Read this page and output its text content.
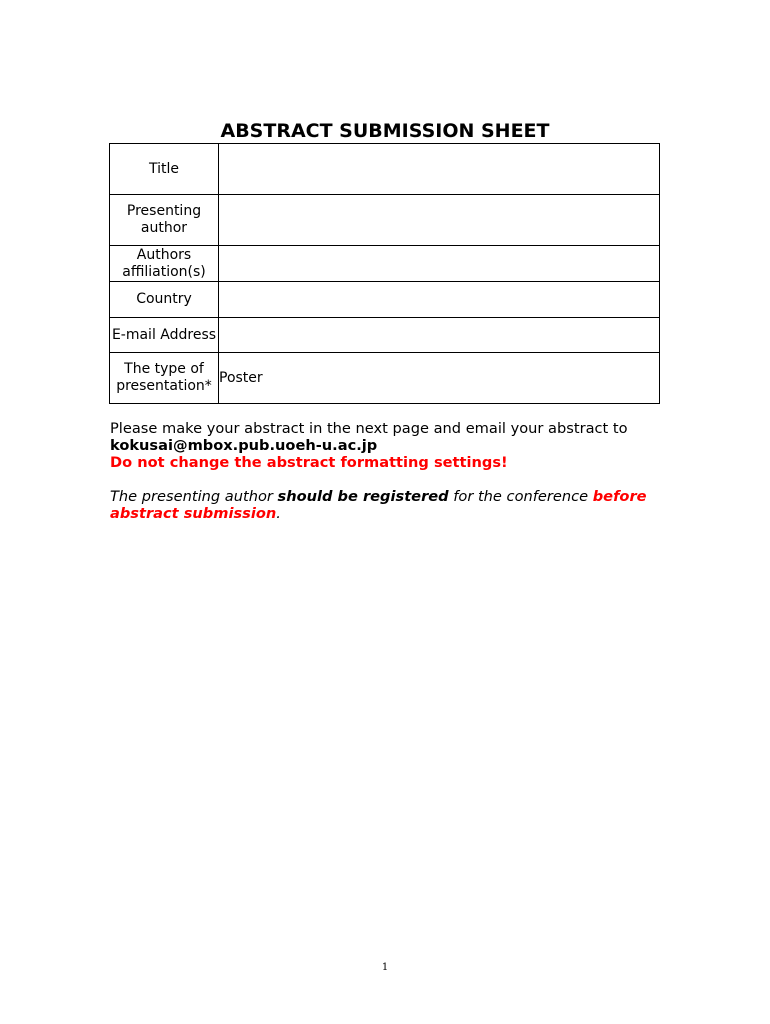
ABSTRACT SUBMISSION SHEET
Title	
Presenting author	
Authors affiliation(s)	
Country	
E-mail Address	
The type of presentation*	Poster

Please make your abstract in the next page and email your abstract to

kokusai@mbox.pub.uoeh-u.ac.jp

Do not change the abstract formatting settings!

The presenting author should be registered for the conference before abstract submission.

1
